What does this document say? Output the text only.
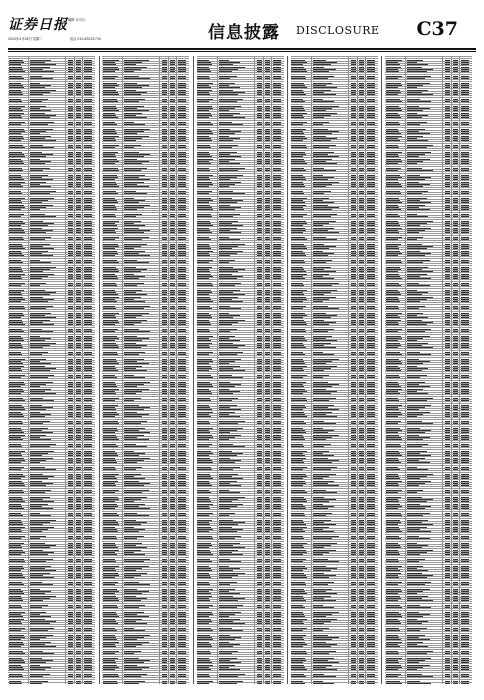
证券日报 编辑 乔川川
2020年4月28日 星期二	电话 010-83251730	信息披露 DISCLOSURE C37
